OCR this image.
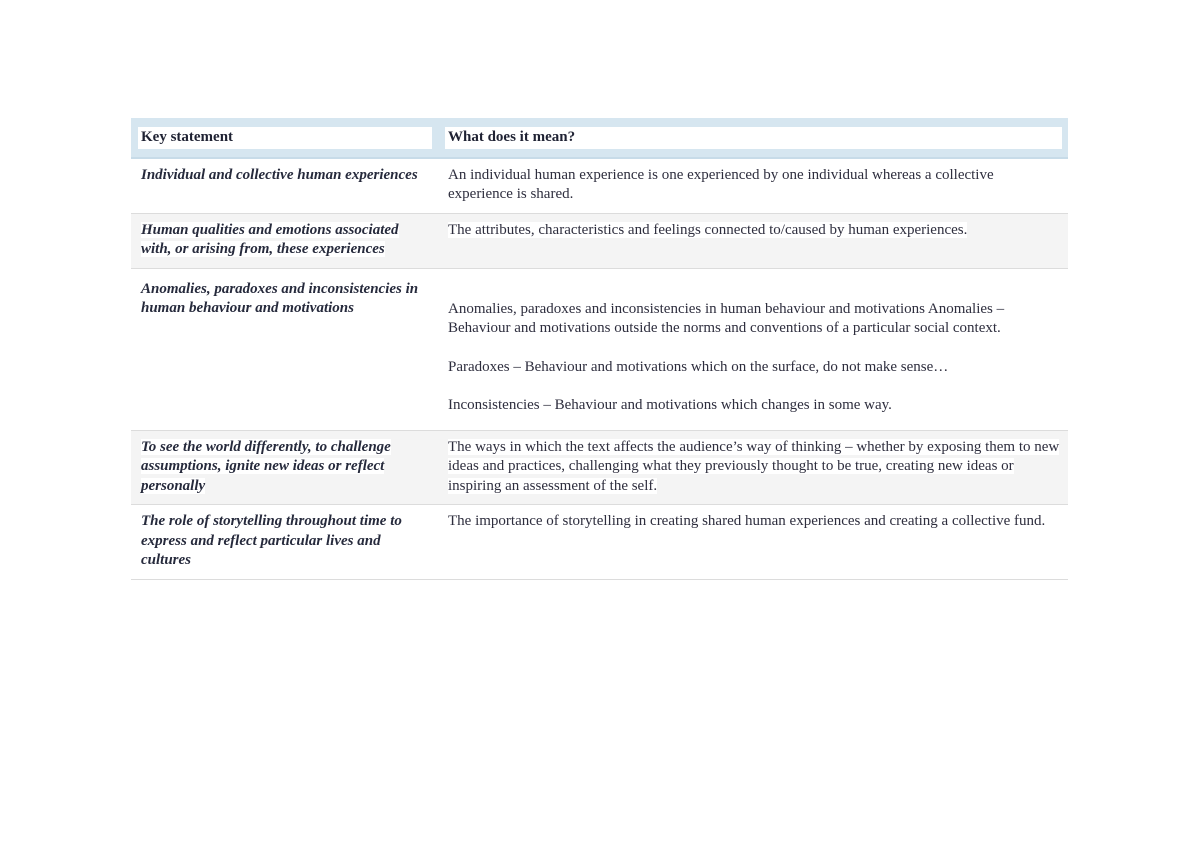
Key statement	What does it mean?

Individual and collective human experiences	An individual human experience is one experienced by one individual whereas a collective experience is shared.

Human qualities and emotions associated with, or arising from, these experiences	The attributes, characteristics and feelings connected to/caused by human experiences.
Anomalies, paradoxes and inconsistencies in human behaviour and motivations	Anomalies, paradoxes and inconsistencies in human behaviour and motivations Anomalies – Behaviour and motivations outside the norms and conventions of a particular social context.
Paradoxes – Behaviour and motivations which on the surface, do not make sense…
Inconsistencies – Behaviour and motivations which changes in some way.

To see the world differently, to challenge assumptions, ignite new ideas or reflect personally	The ways in which the text affects the audience’s way of thinking – whether by exposing them to new ideas and practices, challenging what they previously thought to be true, creating new ideas or inspiring an assessment of the self.
The role of storytelling throughout time to express and reflect particular lives and cultures	The importance of storytelling in creating shared human experiences and creating a collective fund.
